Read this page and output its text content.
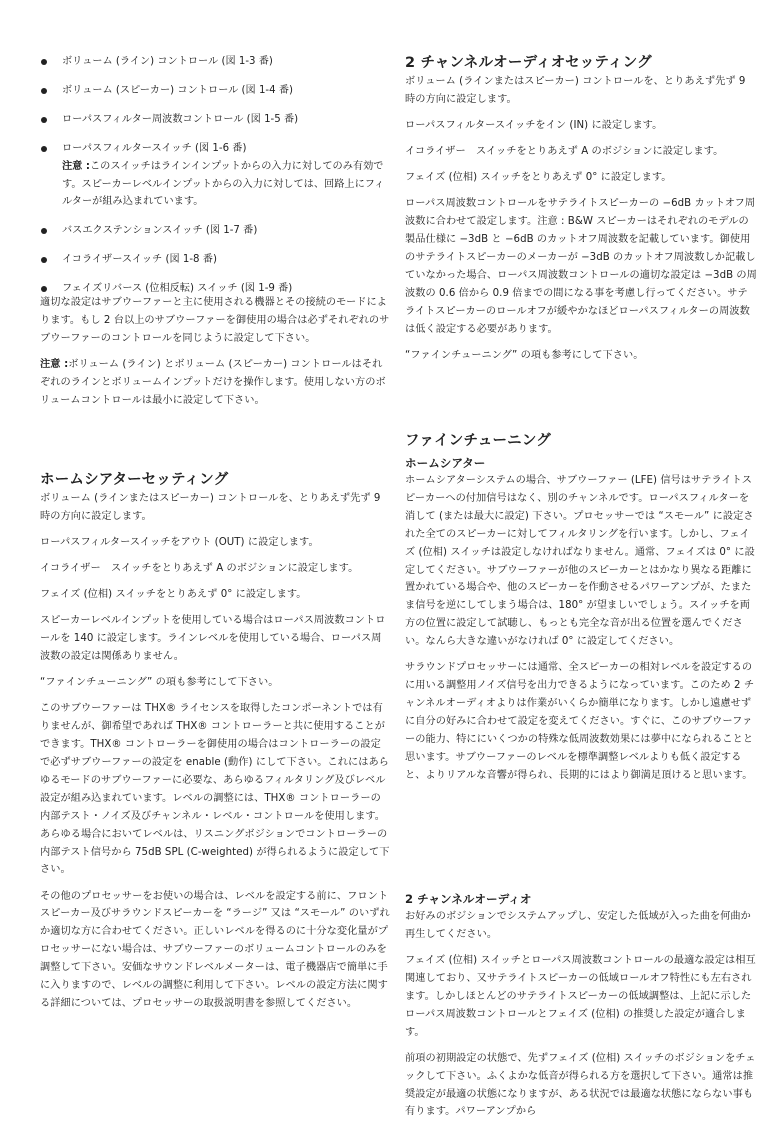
ボリューム (ライン) コントロール (図 1-3 番)
ボリューム (スピーカー) コントロール (図 1-4 番)
ローパスフィルター周波数コントロール (図 1-5 番)
ローパスフィルタースイッチ (図 1-6 番)
注意 :このスイッチはラインインプットからの入力に対してのみ有効です。スピーカーレベルインプットからの入力に対しては、回路上にフィルターが組み込まれています。
バスエクステンションスイッチ (図 1-7 番)
イコライザースイッチ (図 1-8 番)
フェイズリバース (位相反転) スイッチ (図 1-9 番)

適切な設定はサブウーファーと主に使用される機器とその接続のモードによります。もし 2 台以上のサブウーファーを御使用の場合は必ずそれぞれのサブウーファーのコントロールを同じように設定して下さい。

注意 :ボリューム (ライン) とボリューム (スピーカー) コントロールはそれぞれのラインとボリュームインプットだけを操作します。使用しない方のボリュームコントロールは最小に設定して下さい。

ホームシアターセッティング

ボリューム (ラインまたはスピーカー) コントロールを、とりあえず先ず 9 時の方向に設定します。

ローパスフィルタースイッチをアウト (OUT) に設定します。

イコライザー　スイッチをとりあえず A のボジションに設定します。

フェイズ (位相) スイッチをとりあえず 0° に設定します。

スピーカーレベルインプットを使用している場合はローパス周波数コントロールを 140 に設定します。ラインレベルを使用している場合、ローパス周波数の設定は関係ありません。

“ファインチューニング” の項も参考にして下さい。

このサブウーファーは THX® ライセンスを取得したコンポーネントでは有りませんが、御希望であれば THX® コントローラーと共に使用することができます。THX® コントローラーを御使用の場合はコントローラーの設定で必ずサブウーファーの設定を enable (動作) にして下さい。これにはあらゆるモードのサブウーファーに必要な、あらゆるフィルタリング及びレベル設定が組み込まれています。レベルの調整には、THX® コントローラーの内部テスト・ノイズ及びチャンネル・レベル・コントロールを使用します。あらゆる場合においてレベルは、リスニングボジションでコントローラーの内部テスト信号から 75dB SPL (C-weighted) が得られるように設定して下さい。

その他のプロセッサーをお使いの場合は、レベルを設定する前に、フロントスピーカー及びサラウンドスピーカーを “ラージ” 又は “スモール” のいずれか適切な方に合わせてください。正しいレベルを得るのに十分な変化量がプロセッサーにない場合は、サブウーファーのボリュームコントロールのみを調整して下さい。安価なサウンドレベルメーターは、電子機器店で簡単に手に入りますので、レベルの調整に利用して下さい。レベルの設定方法に関する詳細については、プロセッサーの取扱説明書を参照してください。

2 チャンネルオーディオセッティング

ボリューム (ラインまたはスピーカー) コントロールを、とりあえず先ず 9 時の方向に設定します。

ローパスフィルタースイッチをイン (IN) に設定します。

イコライザー　スイッチをとりあえず A のボジションに設定します。

フェイズ (位相) スイッチをとりあえず 0° に設定します。

ローパス周波数コントロールをサテライトスピーカーの −6dB カットオフ周波数に合わせて設定します。注意 : B&W スピーカーはそれぞれのモデルの製品仕様に −3dB と −6dB のカットオフ周波数を記載しています。御使用のサテライトスピーカーのメーカーが −3dB のカットオフ周波数しか記載していなかった場合、ローパス周波数コントロールの適切な設定は −3dB の周波数の 0.6 倍から 0.9 倍までの間になる事を考慮し行ってください。サテライトスピーカーのロールオフが緩やかなほどローパスフィルターの周波数は低く設定する必要があります。

“ファインチューニング” の項も参考にして下さい。

ファインチューニング
ホームシアター

ホームシアターシステムの場合、サブウーファー (LFE) 信号はサテライトスピーカーへの付加信号はなく、別のチャンネルです。ローパスフィルターを消して (または最大に設定) 下さい。プロセッサーでは “スモール” に設定された全てのスピーカーに対してフィルタリングを行います。しかし、フェイズ (位相) スイッチは設定しなければなりません。通常、フェイズは 0° に設定してください。サブウーファーが他のスピーカーとはかなり異なる距離に置かれている場合や、他のスピーカーを作動させるパワーアンプが、たまたま信号を逆にしてしまう場合は、180° が望ましいでしょう。スイッチを両方の位置に設定して試聴し、もっとも完全な音が出る位置を選んでください。なんら大きな違いがなければ 0° に設定してください。

サラウンドプロセッサーには通常、全スピーカーの相対レベルを設定するのに用いる調整用ノイズ信号を出力できるようになっています。このため 2 チャンネルオーディオよりは作業がいくらか簡単になります。しかし遠慮せずに自分の好みに合わせて設定を変えてください。すぐに、このサブウーファーの能力、特ににいくつかの特殊な低周波数効果には夢中になられることと思います。サブウーファーのレベルを標準調整レベルよりも低く設定すると、よりリアルな音響が得られ、長期的にはより御満足頂けると思います。

2 チャンネルオーディオ

お好みのボジションでシステムアップし、安定した低域が入った曲を何曲か再生してください。

フェイズ (位相) スイッチとローパス周波数コントロールの最適な設定は相互関連しており、又サテライトスピーカーの低域ロールオフ特性にも左右されます。しかしほとんどのサテライトスピーカーの低域調整は、上記に示したローパス周波数コントロールとフェイズ (位相) の推奨した設定が適合します。

前項の初期設定の状態で、先ずフェイズ (位相) スイッチのボジションをチェックして下さい。ふくよかな低音が得られる方を選択して下さい。通常は推奨設定が最適の状態になりますが、ある状況では最適な状態にならない事も有ります。パワーアンプから
